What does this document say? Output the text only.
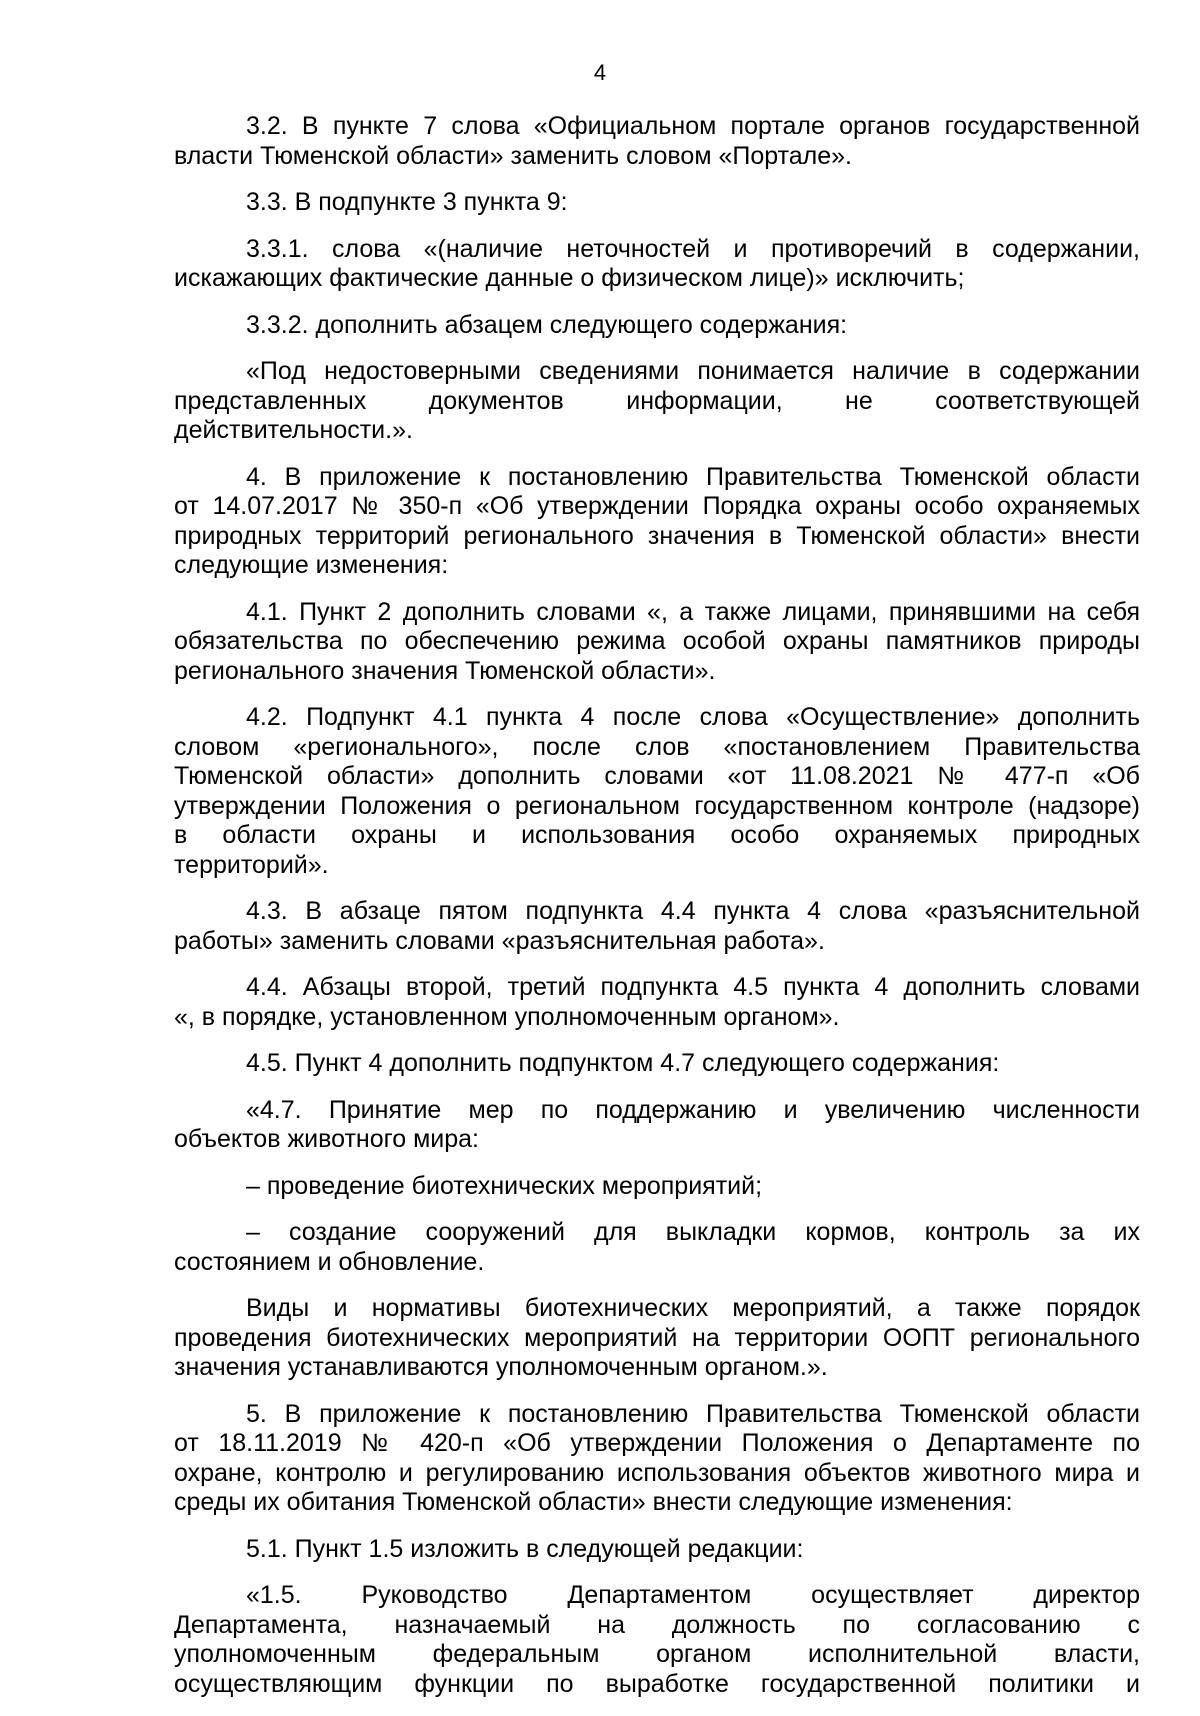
4
3.2. В пункте 7 слова «Официальном портале органов государственной
власти Тюменской области» заменить словом «Портале».
3.3. В подпункте 3 пункта 9:
3.3.1. слова «(наличие неточностей и противоречий в содержании,
искажающих фактические данные о физическом лице)» исключить;
3.3.2. дополнить абзацем следующего содержания:
«Под недостоверными сведениями понимается наличие в содержании
представленных документов информации, не соответствующей
действительности.».
4. В приложение к постановлению Правительства Тюменской области
от 14.07.2017 № 350-п «Об утверждении Порядка охраны особо охраняемых
природных территорий регионального значения в Тюменской области» внести
следующие изменения:
4.1. Пункт 2 дополнить словами «, а также лицами, принявшими на себя
обязательства по обеспечению режима особой охраны памятников природы
регионального значения Тюменской области».
4.2. Подпункт 4.1 пункта 4 после слова «Осуществление» дополнить
словом «регионального», после слов «постановлением Правительства
Тюменской области» дополнить словами «от 11.08.2021 № 477-п «Об
утверждении Положения о региональном государственном контроле (надзоре)
в области охраны и использования особо охраняемых природных
территорий».
4.3. В абзаце пятом подпункта 4.4 пункта 4 слова «разъяснительной
работы» заменить словами «разъяснительная работа».
4.4. Абзацы второй, третий подпункта 4.5 пункта 4 дополнить словами
«, в порядке, установленном уполномоченным органом».
4.5. Пункт 4 дополнить подпунктом 4.7 следующего содержания:
«4.7. Принятие мер по поддержанию и увеличению численности
объектов животного мира:
– проведение биотехнических мероприятий;
– создание сооружений для выкладки кормов, контроль за их
состоянием и обновление.
Виды и нормативы биотехнических мероприятий, а также порядок
проведения биотехнических мероприятий на территории ООПТ регионального
значения устанавливаются уполномоченным органом.».
5. В приложение к постановлению Правительства Тюменской области
от 18.11.2019 № 420-п «Об утверждении Положения о Департаменте по
охране, контролю и регулированию использования объектов животного мира и
среды их обитания Тюменской области» внести следующие изменения:
5.1. Пункт 1.5 изложить в следующей редакции:
«1.5. Руководство Департаментом осуществляет директор
Департамента, назначаемый на должность по согласованию с
уполномоченным федеральным органом исполнительной власти,
осуществляющим функции по выработке государственной политики и
